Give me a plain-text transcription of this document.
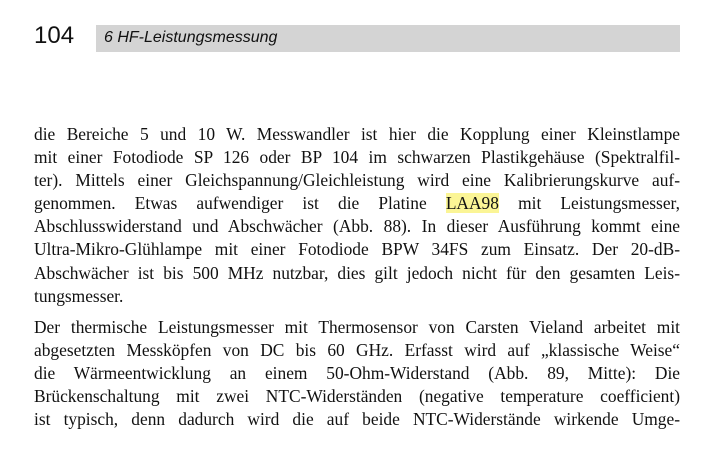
104 6 HF-Leistungsmessung
die Bereiche 5 und 10 W. Messwandler ist hier die Kopplung einer Kleinstlampe
mit einer Fotodiode SP 126 oder BP 104 im schwarzen Plastikgehäuse (Spektralfil-
ter). Mittels einer Gleichspannung/Gleichleistung wird eine Kalibrierungskurve auf-
genommen. Etwas aufwendiger ist die Platine LAA98 mit Leistungsmesser,
Abschlusswiderstand und Abschwächer (Abb. 88). In dieser Ausführung kommt eine
Ultra-Mikro-Glühlampe mit einer Fotodiode BPW 34FS zum Einsatz. Der 20-dB-
Abschwächer ist bis 500 MHz nutzbar, dies gilt jedoch nicht für den gesamten Leis-
tungsmesser.
Der thermische Leistungsmesser mit Thermosensor von Carsten Vieland arbeitet mit
abgesetzten Messköpfen von DC bis 60 GHz. Erfasst wird auf „klassische Weise“
die Wärmeentwicklung an einem 50-Ohm-Widerstand (Abb. 89, Mitte): Die
Brückenschaltung mit zwei NTC-Widerständen (negative temperature coefficient)
ist typisch, denn dadurch wird die auf beide NTC-Widerstände wirkende Umge-
